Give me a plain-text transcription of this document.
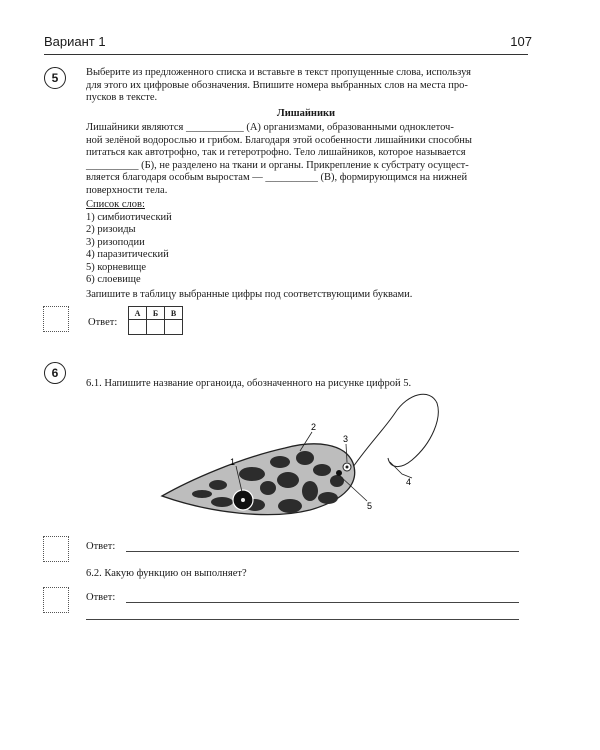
Вариант 1	107
5	Выберите из предложенного списка и вставьте в текст пропущенные слова, используя
для этого их цифровые обозначения. Впишите номера выбранных слов на места про-
пусков в тексте.
Лишайники
Лишайники являются ___________ (А) организмами, образованными одноклеточ-
ной зелёной водорослью и грибом. Благодаря этой особенности лишайники способны
питаться как автотрофно, так и гетеротрофно. Тело лишайников, которое называется
__________ (Б), не разделено на ткани и органы. Прикрепление к субстрату осущест-
вляется благодаря особым выростам — __________ (В), формирующимся на нижней
поверхности тела.
Список слов:
1) симбиотический
2) ризоиды
3) ризоподии
4) паразитический
5) корневище
6) слоевище
Запишите в таблицу выбранные цифры под соответствующими буквами.
Ответ:
А	Б	В

6
6.1. Напишите название органоида, обозначенного на рисунке цифрой 5.
1
2
3
4
5
Ответ:
6.2. Какую функцию он выполняет?
Ответ:
